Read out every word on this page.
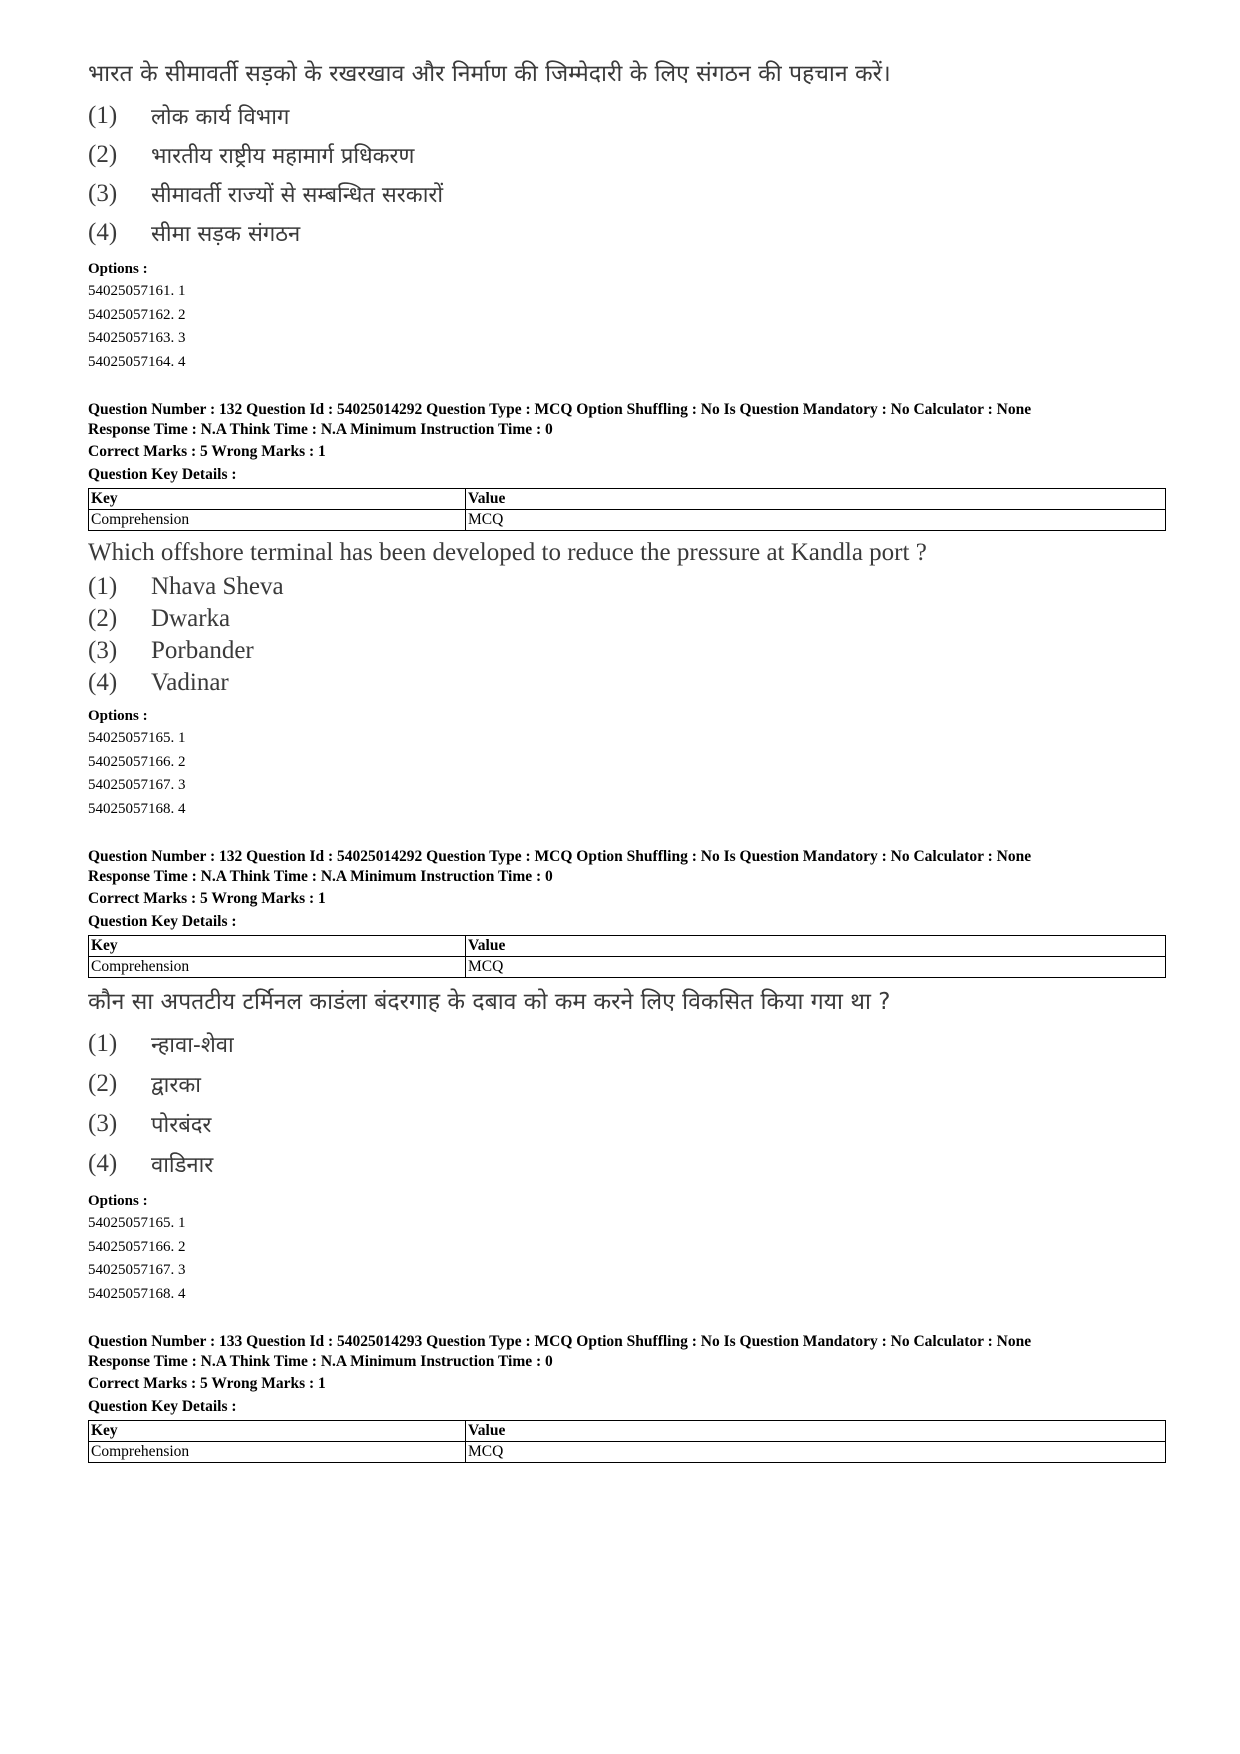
भारत के सीमावर्ती सड़को के रखरखाव और निर्माण की जिम्मेदारी के लिए संगठन की पहचान करें।

(1)	लोक कार्य विभाग
(2)	भारतीय राष्ट्रीय महामार्ग प्रधिकरण
(3)	सीमावर्ती राज्यों से सम्बन्धित सरकारों
(4)	सीमा सड़क संगठन
Options :
54025057161. 1
54025057162. 2
54025057163. 3
54025057164. 4
Question Number : 132 Question Id : 54025014292 Question Type : MCQ Option Shuffling : No Is Question Mandatory : No Calculator : None
Response Time : N.A Think Time : N.A Minimum Instruction Time : 0
Correct Marks : 5 Wrong Marks : 1
Question Key Details :
Key	Value
Comprehension	MCQ

Which offshore terminal has been developed to reduce the pressure at Kandla port ?

(1)	Nhava Sheva
(2)	Dwarka
(3)	Porbander
(4)	Vadinar
Options :
54025057165. 1
54025057166. 2
54025057167. 3
54025057168. 4
Question Number : 132 Question Id : 54025014292 Question Type : MCQ Option Shuffling : No Is Question Mandatory : No Calculator : None
Response Time : N.A Think Time : N.A Minimum Instruction Time : 0
Correct Marks : 5 Wrong Marks : 1
Question Key Details :
Key	Value
Comprehension	MCQ

कौन सा अपतटीय टर्मिनल काडंला बंदरगाह के दबाव को कम करने लिए विकसित किया गया था ?

(1)	न्हावा-शेवा
(2)	द्वारका
(3)	पोरबंदर
(4)	वाडिनार
Options :
54025057165. 1
54025057166. 2
54025057167. 3
54025057168. 4
Question Number : 133 Question Id : 54025014293 Question Type : MCQ Option Shuffling : No Is Question Mandatory : No Calculator : None
Response Time : N.A Think Time : N.A Minimum Instruction Time : 0
Correct Marks : 5 Wrong Marks : 1
Question Key Details :
Key	Value
Comprehension	MCQ
